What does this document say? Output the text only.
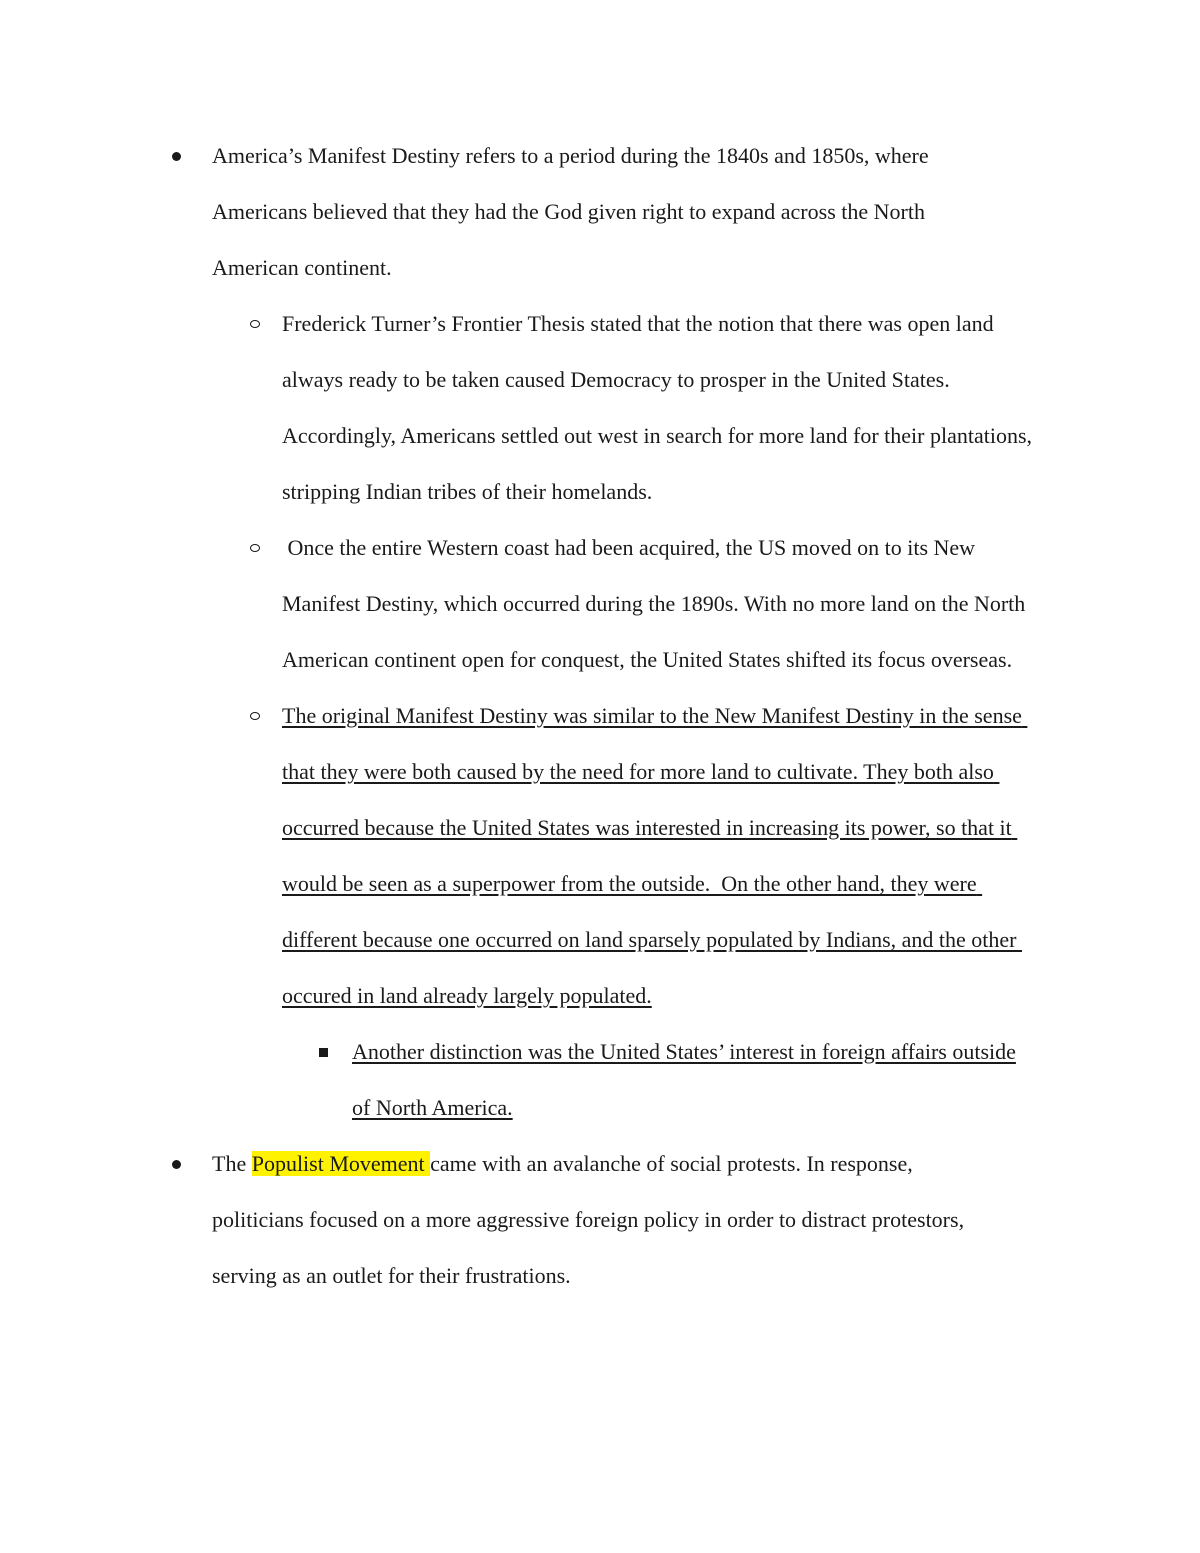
America’s Manifest Destiny refers to a period during the 1840s and 1850s, where Americans believed that they had the God given right to expand across the North American continent.
Frederick Turner’s Frontier Thesis stated that the notion that there was open land always ready to be taken caused Democracy to prosper in the United States. Accordingly, Americans settled out west in search for more land for their plantations, stripping Indian tribes of their homelands.
Once the entire Western coast had been acquired, the US moved on to its New Manifest Destiny, which occurred during the 1890s. With no more land on the North American continent open for conquest, the United States shifted its focus overseas.
The original Manifest Destiny was similar to the New Manifest Destiny in the sense that they were both caused by the need for more land to cultivate. They both also occurred because the United States was interested in increasing its power, so that it would be seen as a superpower from the outside.  On the other hand, they were different because one occurred on land sparsely populated by Indians, and the other occured in land already largely populated.
Another distinction was the United States’ interest in foreign affairs outside of North America.
The Populist Movement came with an avalanche of social protests. In response, politicians focused on a more aggressive foreign policy in order to distract protestors, serving as an outlet for their frustrations.
